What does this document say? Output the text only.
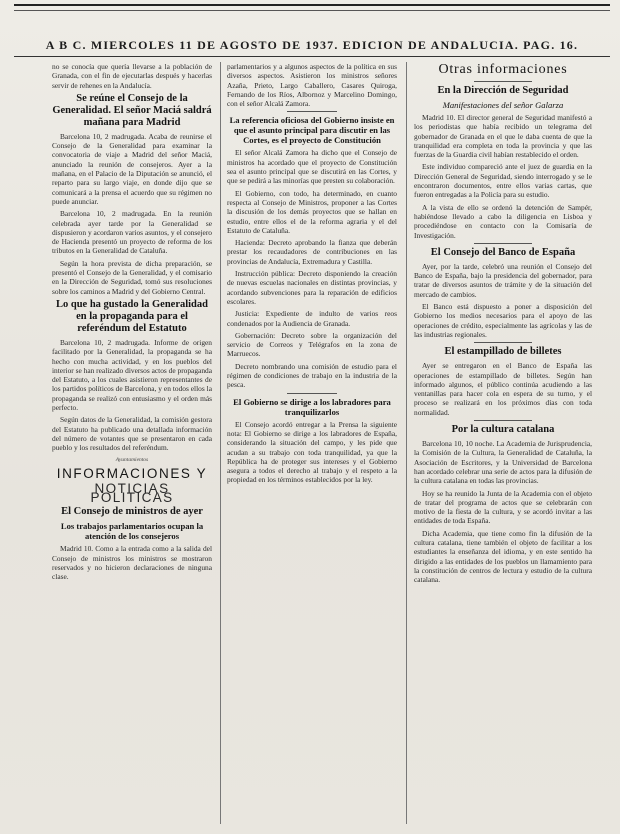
A B C. MIERCOLES 11 DE AGOSTO DE 1937. EDICION DE ANDALUCIA. PAG. 16.

no se conocía que quería llevarse a la población de Granada, con el fin de ejecutarlas después y hacerlas servir de rehenes en la Andalucía.

Se reúne el Consejo de la Generalidad. El señor Maciá saldrá mañana para Madrid

Barcelona 10, 2 madrugada. Acaba de reunirse el Consejo de la Generalidad para examinar la convocatoria de viaje a Madrid del señor Maciá, anunciado la reunión de consejeros. Ayer a la mañana, en el Palacio de la Diputación se anunció, el reparto para su largo viaje, en donde dijo que se comunicará a la prensa el acuerdo que su régimen no puede anunciar.

Barcelona 10, 2 madrugada. En la reunión celebrada ayer tarde por la Generalidad se dispusieron y acordaron varios asuntos, y el consejero de Hacienda presentó un proyecto de reforma de los tributos en la Generalidad de Cataluña.

Según la hora prevista de dicha preparación, se presentó el Consejo de la Generalidad, y el comisario en la Dirección de Seguridad, tomó sus resoluciones sobre los caminos a Madrid y del Gobierno Central.

Lo que ha gustado la Generalidad en la propaganda para el referéndum del Estatuto

Barcelona 10, 2 madrugada. Informe de origen facilitado por la Generalidad, la propaganda se ha hecho con mucha actividad, y en los pueblos del interior se han realizado diversos actos de propaganda del Estatuto, a los cuales asistieron representantes de los partidos políticos de Barcelona, y en todos ellos la propaganda se realizó con entusiasmo y el orden más perfecto.

Según datos de la Generalidad, la comisión gestora del Estatuto ha publicado una detallada información del número de votantes que se presentaron en cada pueblo y los resultados del referéndum.

Ayuntamientos
INFORMACIONES Y
NOTICIAS POLITICAS
El Consejo de ministros de ayer
Los trabajos parlamentarios ocupan la atención de los consejeros

Madrid 10. Como a la entrada como a la salida del Consejo de ministros los ministros se mostraron reservados y no hicieron declaraciones de ninguna clase.

parlamentarios y a algunos aspectos de la política en sus diversos aspectos. Asistieron los ministros señores Azaña, Prieto, Largo Caballero, Casares Quiroga, Fernando de los Ríos, Albornoz y Marcelino Domingo, con el señor Alcalá Zamora.

La referencia oficiosa del Gobierno insiste en que el asunto principal para discutir en las Cortes, es el proyecto de Constitución

El señor Alcalá Zamora ha dicho que el Consejo de ministros ha acordado que el proyecto de Constitución sea el asunto principal que se discutirá en las Cortes, y que se pedirá a las minorías que presten su colaboración.

El Gobierno, con todo, ha determinado, en cuanto respecta al Consejo de Ministros, proponer a las Cortes la discusión de los demás proyectos que se hallan en estudio, entre ellos el de la reforma agraria y el del Estatuto de Cataluña.

Hacienda: Decreto aprobando la fianza que deberán prestar los recaudadores de contribuciones en las provincias de Andalucía, Extremadura y Castilla.

Instrucción pública: Decreto disponiendo la creación de nuevas escuelas nacionales en distintas provincias, y acordando subvenciones para la reparación de edificios escolares.

Justicia: Expediente de indulto de varios reos condenados por la Audiencia de Granada.

Gobernación: Decreto sobre la organización del servicio de Correos y Telégrafos en la zona de Marruecos.

Decreto nombrando una comisión de estudio para el régimen de condiciones de trabajo en la industria de la pesca.

El Gobierno se dirige a los labradores para tranquilizarlos

El Consejo acordó entregar a la Prensa la siguiente nota: El Gobierno se dirige a los labradores de España, considerando la situación del campo, y les pide que acudan a su trabajo con toda tranquilidad, ya que la República ha de proteger sus intereses y el Gobierno asegura a todos el derecho al trabajo y el respeto a la propiedad en los términos establecidos por la ley.

Otras informaciones
En la Dirección de Seguridad
Manifestaciones del señor Galarza

Madrid 10. El director general de Seguridad manifestó a los periodistas que había recibido un telegrama del gobernador de Granada en el que le daba cuenta de que la tranquilidad era completa en toda la provincia y que las fuerzas de la Guardia civil habían restablecido el orden.

Este individuo compareció ante el juez de guardia en la Dirección General de Seguridad, siendo interrogado y se le encontraron documentos, entre ellos varias cartas, que fueron entregadas a la Policía para su estudio.

A la vista de ello se ordenó la detención de Sampér, habiéndose llevado a cabo la diligencia en Lisboa y procediéndose en contacto con la Comisaría de Investigación.

El Consejo del Banco de España

Ayer, por la tarde, celebró una reunión el Consejo del Banco de España, bajo la presidencia del gobernador, para tratar de diversos asuntos de trámite y de la situación del mercado de cambios.

El Banco está dispuesto a poner a disposición del Gobierno los medios necesarios para el apoyo de las operaciones de crédito, especialmente las agrícolas y las de las industrias regionales.

El estampillado de billetes

Ayer se entregaron en el Banco de España las operaciones de estampillado de billetes. Según han informado algunos, el público continúa acudiendo a las ventanillas para hacer cola en espera de su turno, y el proceso se realizará en los próximos días con toda normalidad.

Por la cultura catalana

Barcelona 10, 10 noche. La Academia de Jurisprudencia, la Comisión de la Cultura, la Generalidad de Cataluña, la Asociación de Escritores, y la Universidad de Barcelona han acordado celebrar una serie de actos para la difusión de la cultura catalana en todas las provincias.

Hoy se ha reunido la Junta de la Academia con el objeto de tratar del programa de actos que se celebrarán con motivo de la fiesta de la cultura, y se acordó invitar a las entidades de toda España.

Dicha Academia, que tiene como fin la difusión de la cultura catalana, tiene también el objeto de facilitar a los estudiantes la enseñanza del idioma, y en este sentido ha dirigido a las entidades de los pueblos un llamamiento para la constitución de centros de lectura y estudio de la cultura catalana.
